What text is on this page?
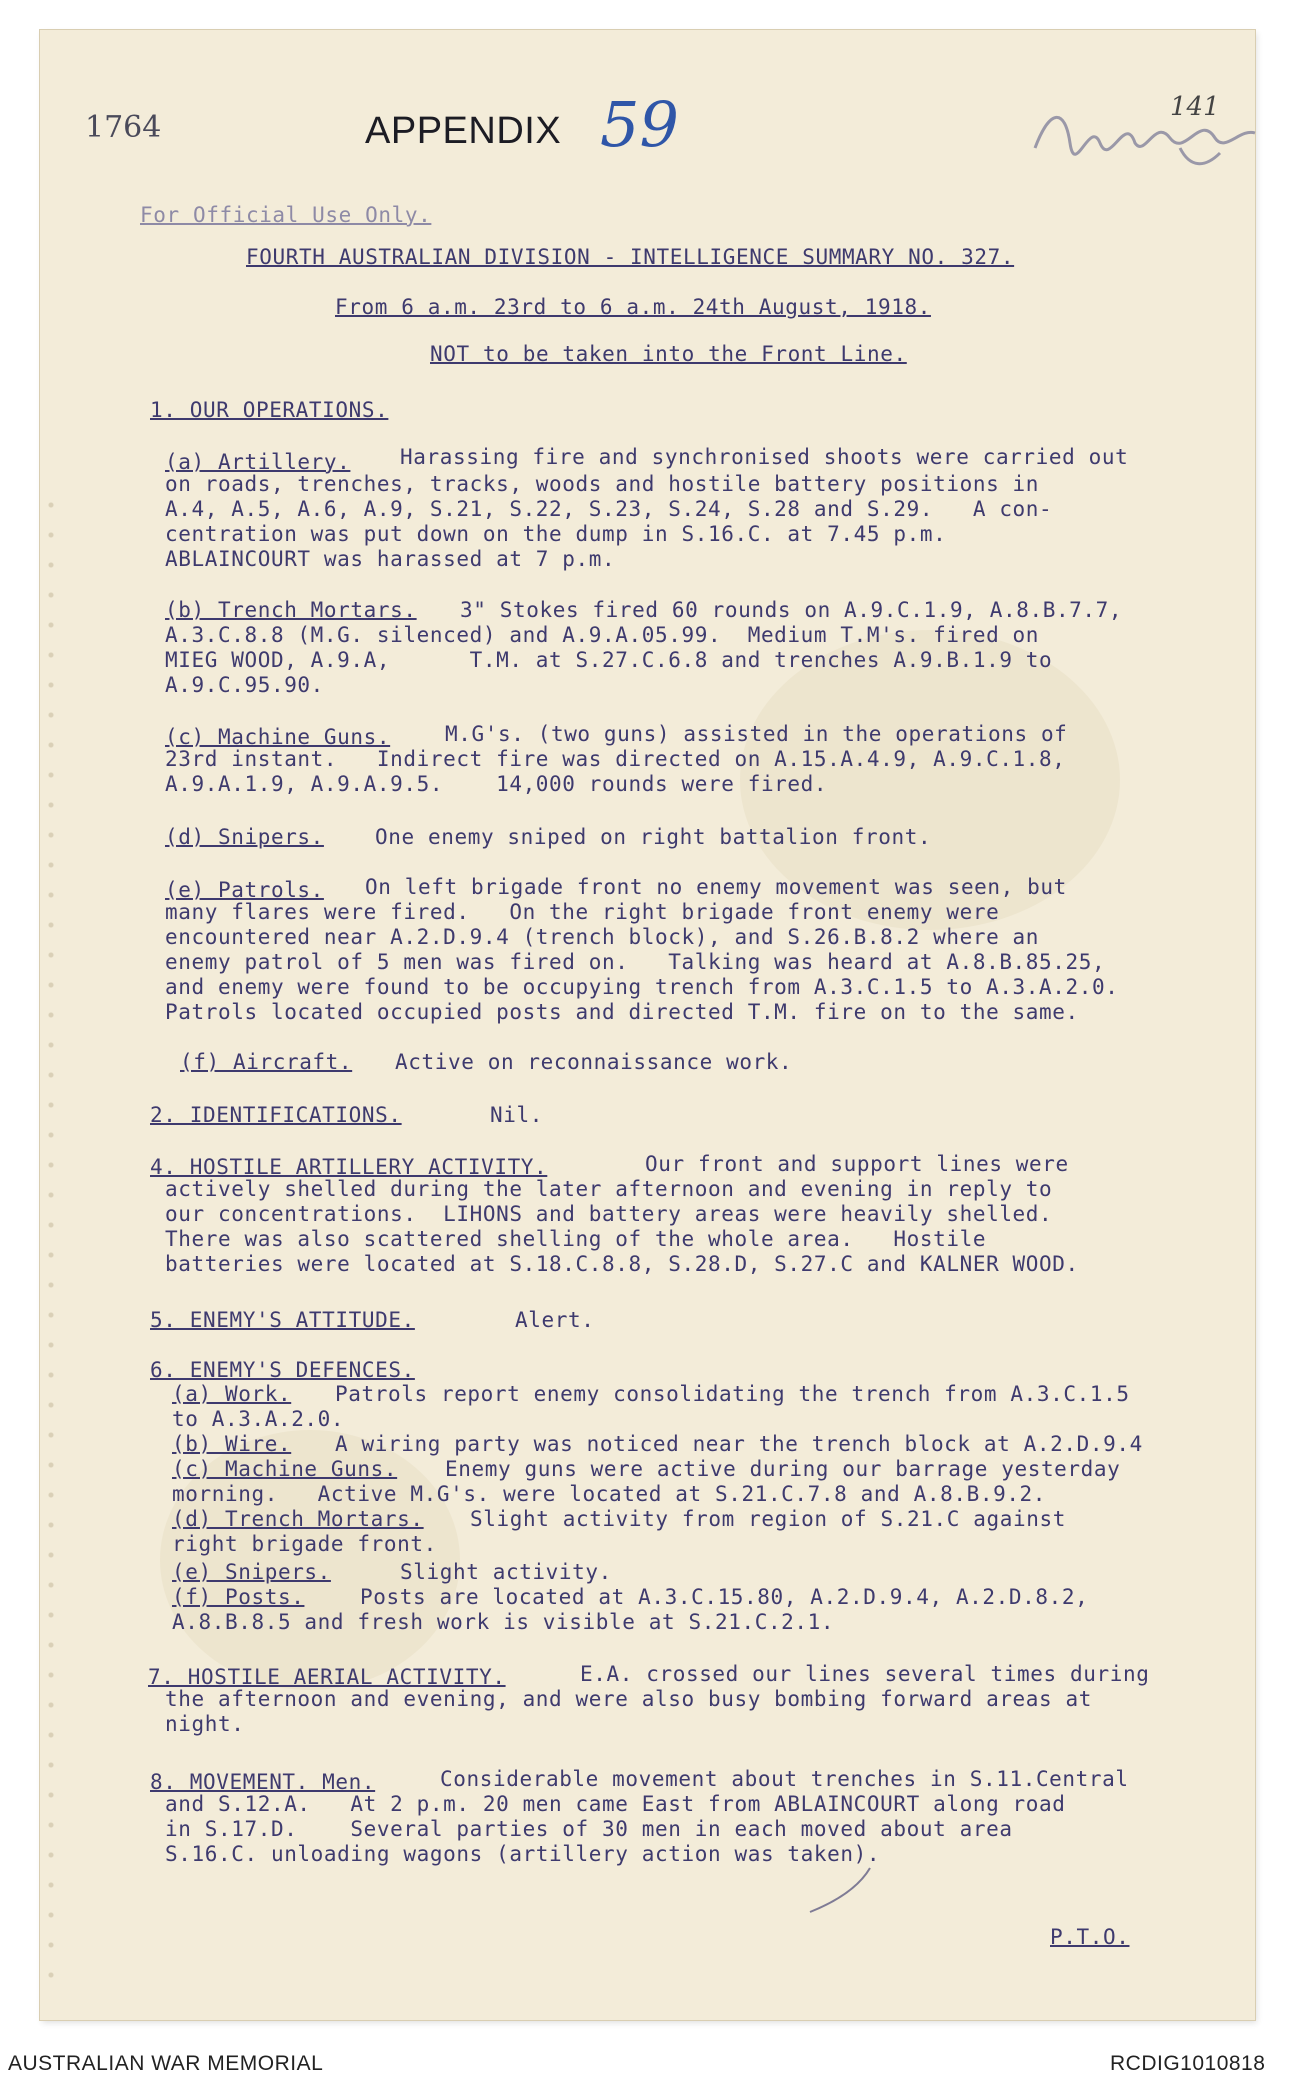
1764	APPENDIX 59	141
For Official Use Only.
FOURTH AUSTRALIAN DIVISION - INTELLIGENCE SUMMARY NO. 327.
From 6 a.m. 23rd to 6 a.m. 24th August, 1918.
NOT to be taken into the Front Line.
1. OUR OPERATIONS.
(a) Artillery. Harassing fire and synchronised shoots were carried out
on roads, trenches, tracks, woods and hostile battery positions in
A.4, A.5, A.6, A.9, S.21, S.22, S.23, S.24, S.28 and S.29.   A con-
centration was put down on the dump in S.16.C. at 7.45 p.m.
ABLAINCOURT was harassed at 7 p.m.
(b) Trench Mortars. 3" Stokes fired 60 rounds on A.9.C.1.9, A.8.B.7.7,
A.3.C.8.8 (M.G. silenced) and A.9.A.05.99.  Medium T.M's. fired on
MIEG WOOD, A.9.A,      T.M. at S.27.C.6.8 and trenches A.9.B.1.9 to
A.9.C.95.90.
(c) Machine Guns.	M.G's. (two guns) assisted in the operations of
23rd instant.   Indirect fire was directed on A.15.A.4.9, A.9.C.1.8,
A.9.A.1.9, A.9.A.9.5.    14,000 rounds were fired.
(d) Snipers. One enemy sniped on right battalion front.
(e) Patrols. On left brigade front no enemy movement was seen, but
many flares were fired.   On the right brigade front enemy were
encountered near A.2.D.9.4 (trench block), and S.26.B.8.2 where an
enemy patrol of 5 men was fired on.   Talking was heard at A.8.B.85.25,
and enemy were found to be occupying trench from A.3.C.1.5 to A.3.A.2.0.
Patrols located occupied posts and directed T.M. fire on to the same.
(f) Aircraft. Active on reconnaissance work.
2. IDENTIFICATIONS.	Nil.
4. HOSTILE ARTILLERY ACTIVITY.	Our front and support lines were
actively shelled during the later afternoon and evening in reply to
our concentrations.  LIHONS and battery areas were heavily shelled.
There was also scattered shelling of the whole area.   Hostile
batteries were located at S.18.C.8.8, S.28.D, S.27.C and KALNER WOOD.
5. ENEMY'S ATTITUDE.	Alert.
6. ENEMY'S DEFENCES.
(a) Work. Patrols report enemy consolidating the trench from A.3.C.1.5
to A.3.A.2.0.
(b) Wire. A wiring party was noticed near the trench block at A.2.D.9.4
(c) Machine Guns. Enemy guns were active during our barrage yesterday
morning.   Active M.G's. were located at S.21.C.7.8 and A.8.B.9.2.
(d) Trench Mortars. Slight activity from region of S.21.C against
right brigade front.
(e) Snipers.	Slight activity.
(f) Posts.	Posts are located at A.3.C.15.80, A.2.D.9.4, A.2.D.8.2,
A.8.B.8.5 and fresh work is visible at S.21.C.2.1.
7. HOSTILE AERIAL ACTIVITY.	E.A. crossed our lines several times during
the afternoon and evening, and were also busy bombing forward areas at
night.
8. MOVEMENT. Men.	Considerable movement about trenches in S.11.Central
and S.12.A.   At 2 p.m. 20 men came East from ABLAINCOURT along road
in S.17.D.    Several parties of 30 men in each moved about area
S.16.C. unloading wagons (artillery action was taken).
P.T.O.
AUSTRALIAN WAR MEMORIAL	RCDIG1010818
